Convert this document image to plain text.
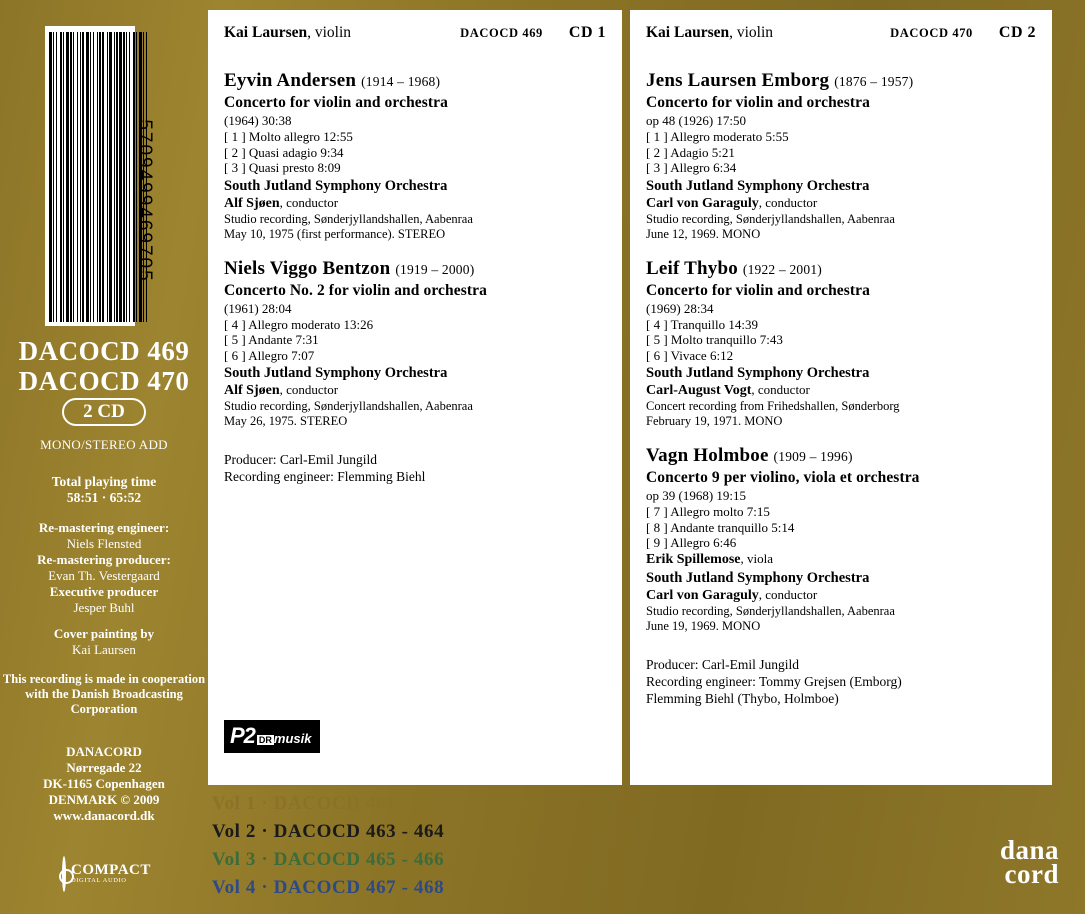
5709499469705
DACOCD 469
DACOCD 470
2 CD
MONO/STEREO ADD
Total playing time
58:51 · 65:52
Re-mastering engineer:
Niels Flensted
Re-mastering producer:
Evan Th. Vestergaard
Executive producer
Jesper Buhl
Cover painting by
Kai Laursen
This recording is made in cooperation with the Danish Broadcasting Corporation
DANACORD
Nørregade 22
DK-1165 Copenhagen
DENMARK © 2009
www.danacord.dk
COMPACT
DIGITAL AUDIO
Kai Laursen , violin	DACOCD 469 CD 1
Eyvin Andersen (1914 – 1968)
Concerto for violin and orchestra
(1964) 30:38
[ 1 ] Molto allegro 12:55
[ 2 ] Quasi adagio 9:34
[ 3 ] Quasi presto 8:09
South Jutland Symphony Orchestra
Alf Sjøen, conductor
Studio recording, Sønderjyllandshallen, Aabenraa
May 10, 1975 (first performance). STEREO
Niels Viggo Bentzon (1919 – 2000)
Concerto No. 2 for violin and orchestra
(1961) 28:04
[ 4 ] Allegro moderato 13:26
[ 5 ] Andante 7:31
[ 6 ] Allegro 7:07
South Jutland Symphony Orchestra
Alf Sjøen, conductor
Studio recording, Sønderjyllandshallen, Aabenraa
May 26, 1975. STEREO
Producer: Carl-Emil Jungild
Recording engineer: Flemming Biehl
P2 DR musik
Kai Laursen , violin	DACOCD 470 CD 2
Jens Laursen Emborg (1876 – 1957)
Concerto for violin and orchestra
op 48 (1926) 17:50
[ 1 ] Allegro moderato 5:55
[ 2 ] Adagio 5:21
[ 3 ] Allegro 6:34
South Jutland Symphony Orchestra
Carl von Garaguly, conductor
Studio recording, Sønderjyllandshallen, Aabenraa
June 12, 1969. MONO
Leif Thybo (1922 – 2001)
Concerto for violin and orchestra
(1969) 28:34
[ 4 ] Tranquillo 14:39
[ 5 ] Molto tranquillo 7:43
[ 6 ] Vivace 6:12
South Jutland Symphony Orchestra
Carl-August Vogt, conductor
Concert recording from Frihedshallen, Sønderborg
February 19, 1971. MONO
Vagn Holmboe (1909 – 1996)
Concerto 9 per violino, viola et orchestra
op 39 (1968) 19:15
[ 7 ] Allegro molto 7:15
[ 8 ] Andante tranquillo 5:14
[ 9 ] Allegro 6:46
Erik Spillemose, viola
South Jutland Symphony Orchestra
Carl von Garaguly, conductor
Studio recording, Sønderjyllandshallen, Aabenraa
June 19, 1969. MONO
Producer: Carl-Emil Jungild
Recording engineer: Tommy Grejsen (Emborg)
Flemming Biehl (Thybo, Holmboe)
Vol 1 · DACOCD 461 - 462
Vol 2 · DACOCD 463 - 464
Vol 3 · DACOCD 465 - 466
Vol 4 · DACOCD 467 - 468
dana
cord
